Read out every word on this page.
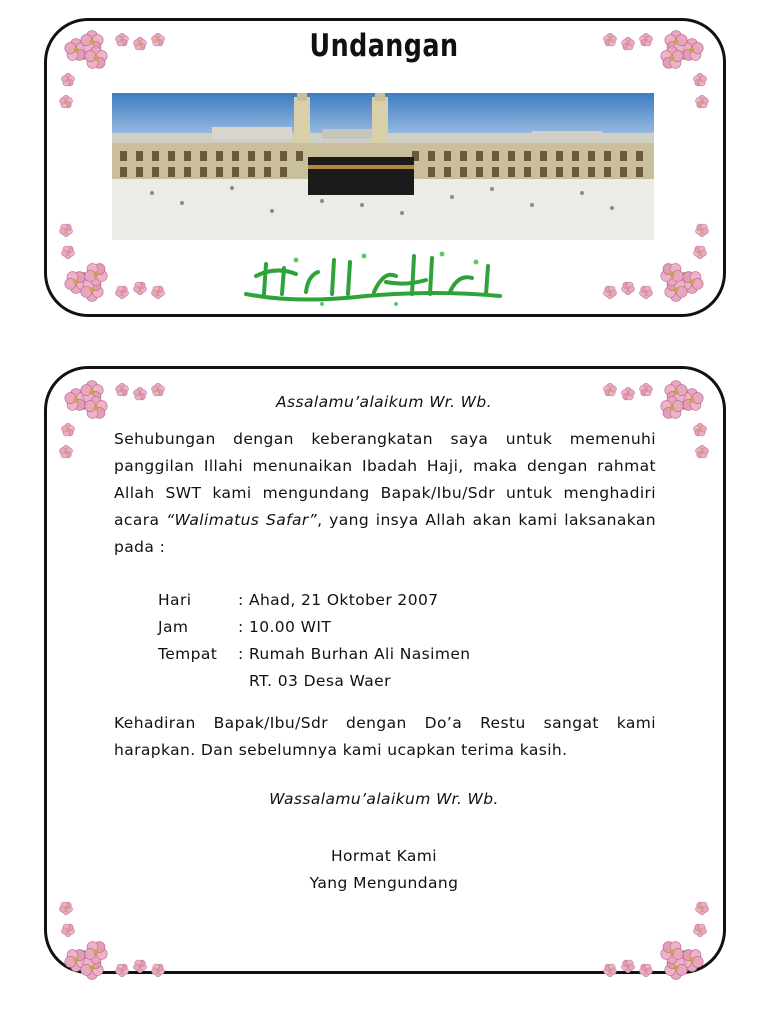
Undangan
Assalamu’alaikum Wr. Wb.
Sehubungan dengan keberangkatan saya untuk memenuhi panggilan Illahi menunaikan Ibadah Haji, maka dengan rahmat Allah SWT kami mengundang Bapak/Ibu/Sdr untuk menghadiri acara “Walimatus Safar”, yang insya Allah akan kami laksanakan pada :
Hari	: Ahad, 21 Oktober 2007
Jam	: 10.00 WIT
Tempat : Rumah Burhan Ali Nasimen
RT. 03 Desa Waer
Kehadiran Bapak/Ibu/Sdr dengan Do’a Restu sangat kami harapkan. Dan sebelumnya kami ucapkan terima kasih.
Wassalamu’alaikum Wr. Wb.
Hormat Kami
Yang Mengundang
